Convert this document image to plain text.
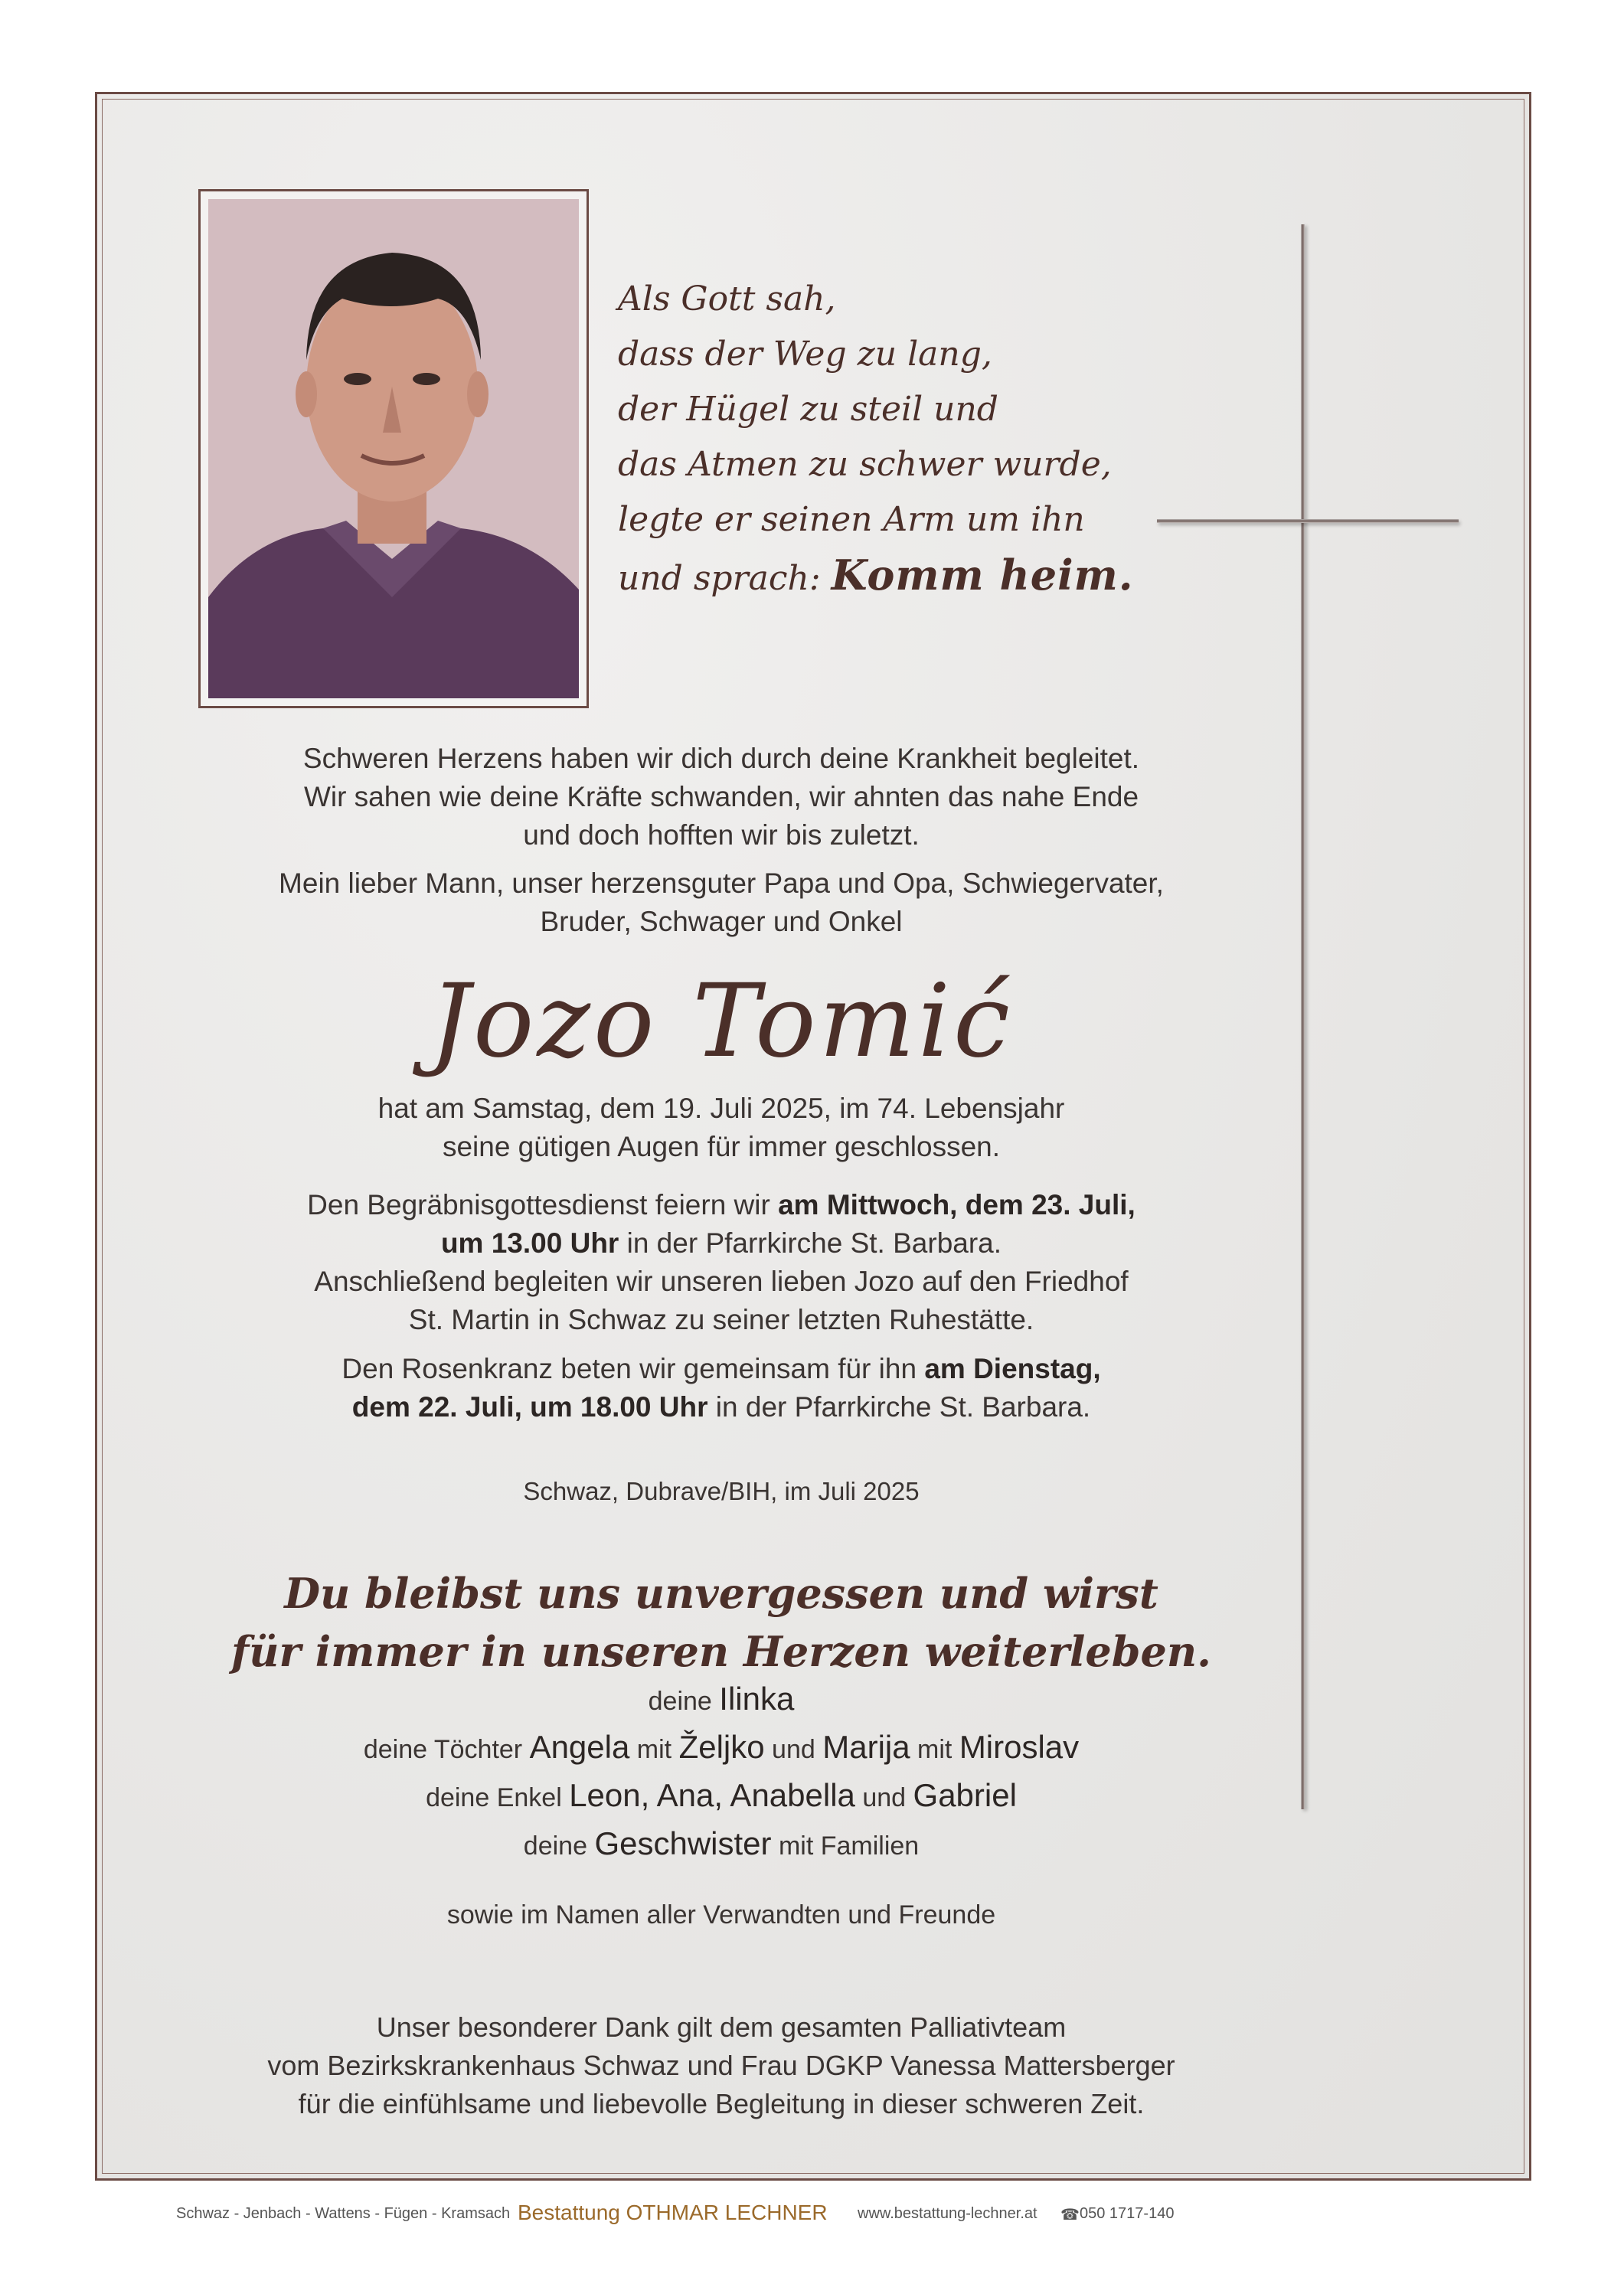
Als Gott sah,
dass der Weg zu lang,
der Hügel zu steil und
das Atmen zu schwer wurde,
legte er seinen Arm um ihn
und sprach: Komm heim.

Schweren Herzens haben wir dich durch deine Krankheit begleitet.

Wir sahen wie deine Kräfte schwanden, wir ahnten das nahe Ende

und doch hofften wir bis zuletzt.

Mein lieber Mann, unser herzensguter Papa und Opa, Schwiegervater,

Bruder, Schwager und Onkel

Jozo Tomić

hat am Samstag, dem 19. Juli 2025, im 74. Lebensjahr

seine gütigen Augen für immer geschlossen.

Den Begräbnisgottesdienst feiern wir am Mittwoch, dem 23. Juli,

um 13.00 Uhr in der Pfarrkirche St. Barbara.

Anschließend begleiten wir unseren lieben Jozo auf den Friedhof

St. Martin in Schwaz zu seiner letzten Ruhestätte.

Den Rosenkranz beten wir gemeinsam für ihn am Dienstag,

dem 22. Juli, um 18.00 Uhr in der Pfarrkirche St. Barbara.

Schwaz, Dubrave/BIH, im Juli 2025
Du bleibst uns unvergessen und wirst
für immer in unseren Herzen weiterleben.
deine Ilinka
deine Töchter Angela mit Željko und Marija mit Miroslav
deine Enkel Leon, Ana, Anabella und Gabriel
deine Geschwister mit Familien
sowie im Namen aller Verwandten und Freunde

Unser besonderer Dank gilt dem gesamten Palliativteam

vom Bezirkskrankenhaus Schwaz und Frau DGKP Vanessa Mattersberger

für die einfühlsame und liebevolle Begleitung in dieser schweren Zeit.

Schwaz - Jenbach - Wattens - Fügen - Kramsach Bestattung OTHMAR LECHNER www.bestattung-lechner.at ☎ 050 1717-140
